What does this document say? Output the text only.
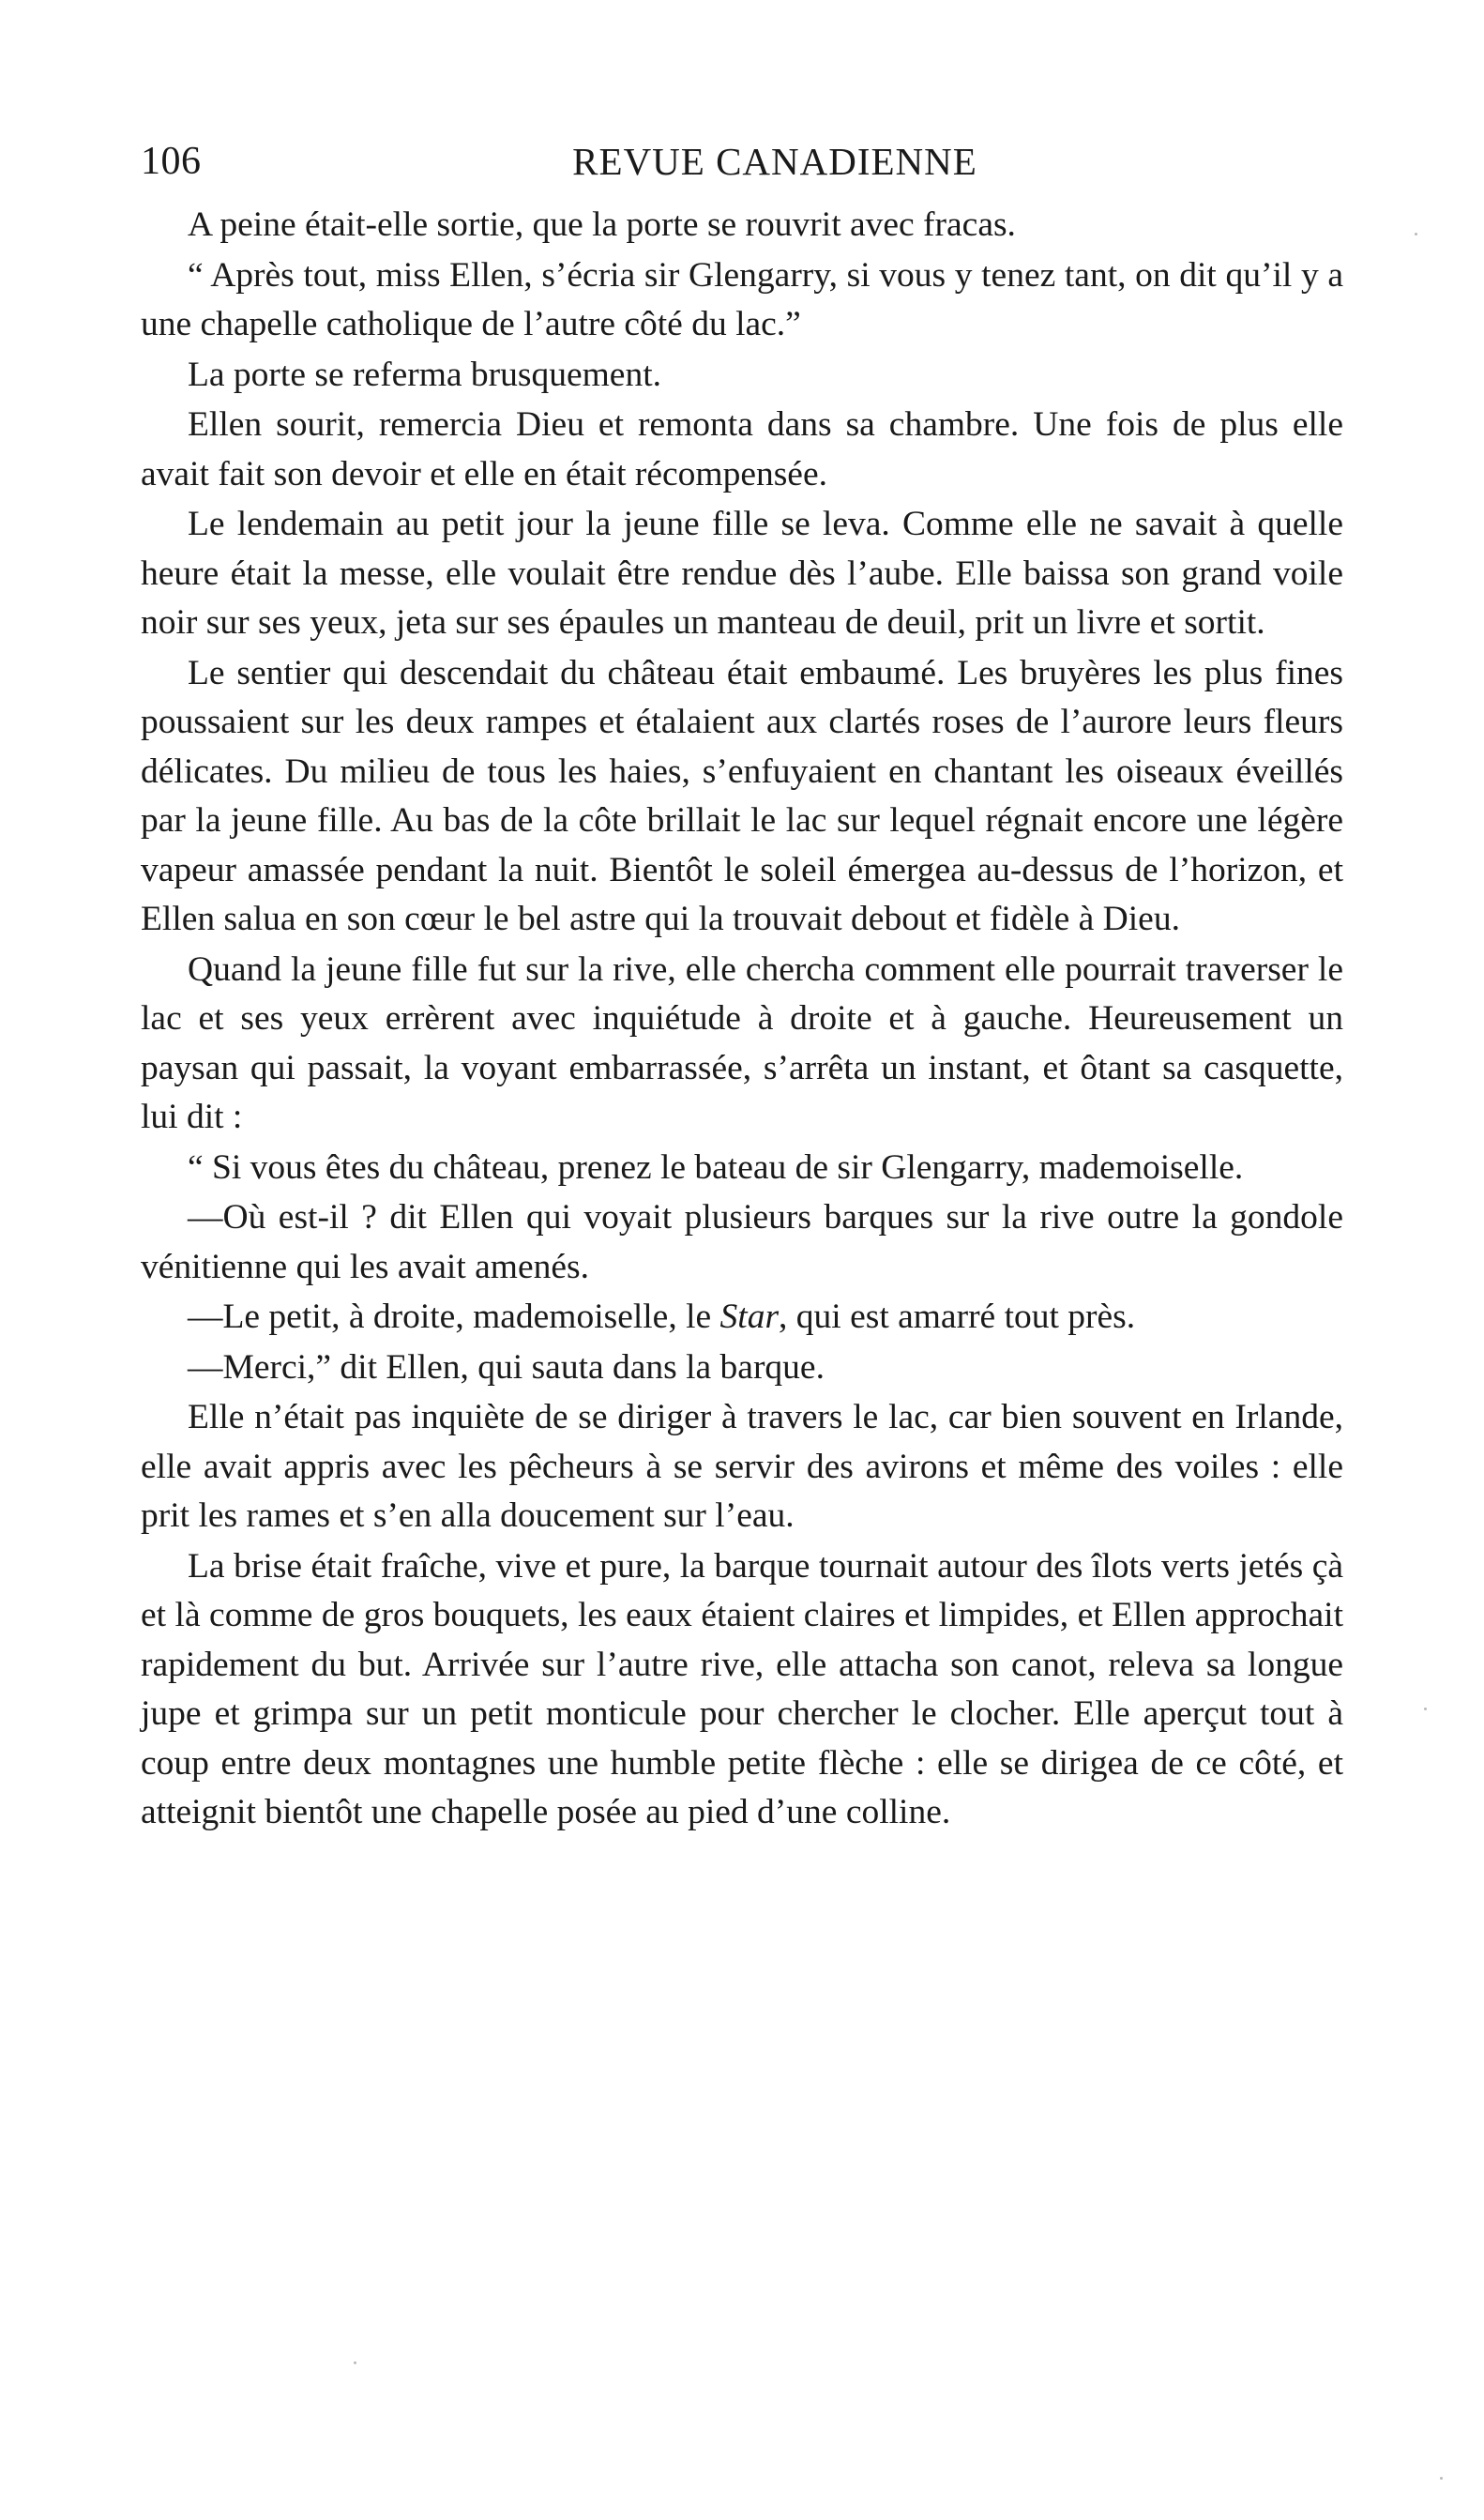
106	REVUE CANADIENNE

A peine était-elle sortie, que la porte se rouvrit avec fracas.

“ Après tout, miss Ellen, s’écria sir Glengarry, si vous y tenez tant, on dit qu’il y a une chapelle catholique de l’autre côté du lac.”

La porte se referma brusquement.

Ellen sourit, remercia Dieu et remonta dans sa chambre. Une fois de plus elle avait fait son devoir et elle en était récompensée.

Le lendemain au petit jour la jeune fille se leva. Comme elle ne savait à quelle heure était la messe, elle voulait être rendue dès l’aube. Elle baissa son grand voile noir sur ses yeux, jeta sur ses épaules un manteau de deuil, prit un livre et sortit.

Le sentier qui descendait du château était embaumé. Les bruyères les plus fines poussaient sur les deux rampes et étalaient aux clartés roses de l’aurore leurs fleurs délicates. Du milieu de tous les haies, s’enfuyaient en chantant les oiseaux éveillés par la jeune fille. Au bas de la côte brillait le lac sur lequel régnait encore une légère vapeur amassée pendant la nuit. Bientôt le soleil émergea au-dessus de l’horizon, et Ellen salua en son cœur le bel astre qui la trouvait debout et fidèle à Dieu.

Quand la jeune fille fut sur la rive, elle chercha comment elle pourrait traverser le lac et ses yeux errèrent avec inquiétude à droite et à gauche. Heureusement un paysan qui passait, la voyant embarrassée, s’arrêta un instant, et ôtant sa casquette, lui dit :

“ Si vous êtes du château, prenez le bateau de sir Glengarry, mademoiselle.

—Où est-il ? dit Ellen qui voyait plusieurs barques sur la rive outre la gondole vénitienne qui les avait amenés.

—Le petit, à droite, mademoiselle, le Star, qui est amarré tout près.

—Merci,” dit Ellen, qui sauta dans la barque.

Elle n’était pas inquiète de se diriger à travers le lac, car bien souvent en Irlande, elle avait appris avec les pêcheurs à se servir des avirons et même des voiles : elle prit les rames et s’en alla doucement sur l’eau.

La brise était fraîche, vive et pure, la barque tournait autour des îlots verts jetés çà et là comme de gros bouquets, les eaux étaient claires et limpides, et Ellen approchait rapidement du but. Arrivée sur l’autre rive, elle attacha son canot, releva sa longue jupe et grimpa sur un petit monticule pour chercher le clocher. Elle aperçut tout à coup entre deux montagnes une humble petite flèche : elle se dirigea de ce côté, et atteignit bientôt une chapelle posée au pied d’une colline.
